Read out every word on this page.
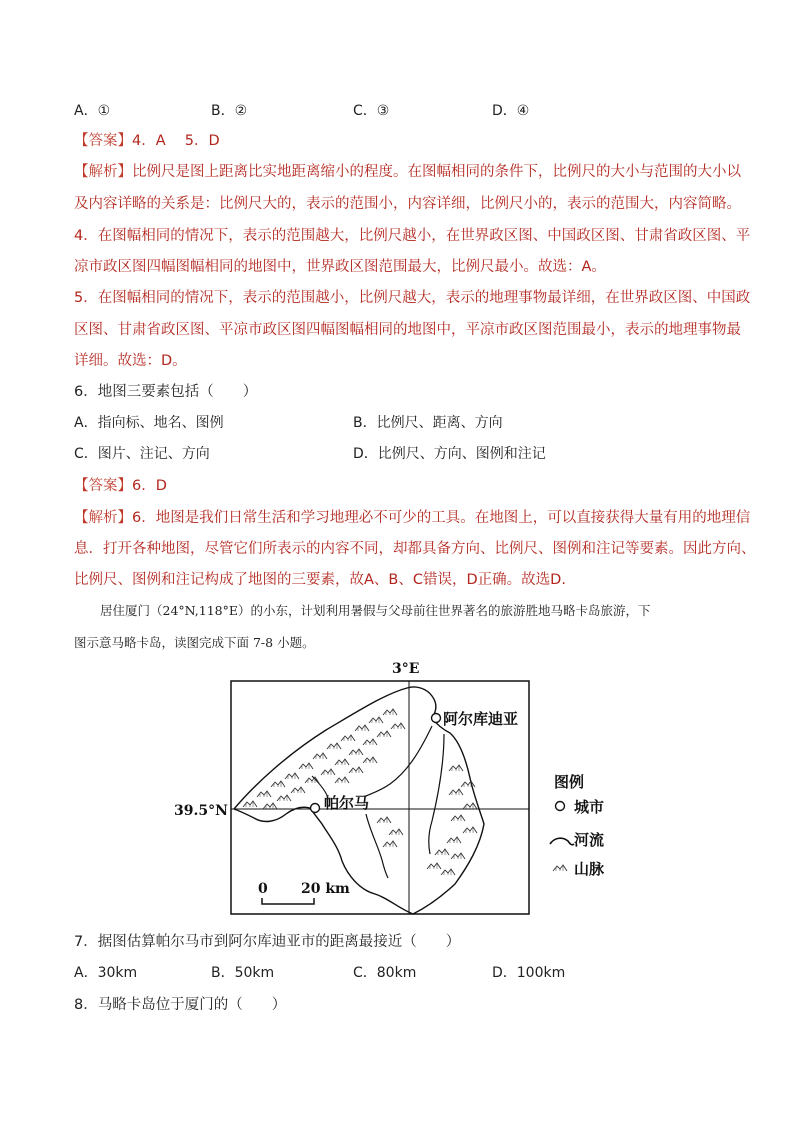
A．①	B．②	C．③	D．④
【答案】4．A　 5．D
【解析】比例尺是图上距离比实地距离缩小的程度。在图幅相同的条件下，比例尺的大小与范围的大小以
及内容详略的关系是：比例尺大的，表示的范围小，内容详细，比例尺小的，表示的范围大，内容简略。
4．在图幅相同的情况下，表示的范围越大，比例尺越小，在世界政区图、中国政区图、甘肃省政区图、平
凉市政区图四幅图幅相同的地图中，世界政区图范围最大，比例尺最小。故选：A。
5．在图幅相同的情况下，表示的范围越小，比例尺越大，表示的地理事物最详细，在世界政区图、中国政
区图、甘肃省政区图、平凉市政区图四幅图幅相同的地图中，平凉市政区图范围最小，表示的地理事物最
详细。故选：D。
6．地图三要素包括（　　）
A．指向标、地名、图例	B．比例尺、距离、方向
C．图片、注记、方向	D．比例尺、方向、图例和注记
【答案】6．D
【解析】6．地图是我们日常生活和学习地理必不可少的工具。在地图上，可以直接获得大量有用的地理信
息．打开各种地图，尽管它们所表示的内容不同，却都具备方向、比例尺、图例和注记等要素。因此方向、
比例尺、图例和注记构成了地图的三要素，故A、B、C错误，D正确。故选D.
居住厦门（24°N,118°E）的小东，计划利用暑假与父母前往世界著名的旅游胜地马略卡岛旅游，下
图示意马略卡岛，读图完成下面 7-8 小题。
3°E
39.5°N
阿尔库迪亚
帕尔马
0 20 km
图例
城市
河流
山脉
7．据图估算帕尔马市到阿尔库迪亚市的距离最接近（　　）
A．30km	B．50km	C．80km	D．100km
8．马略卡岛位于厦门的（　　）
